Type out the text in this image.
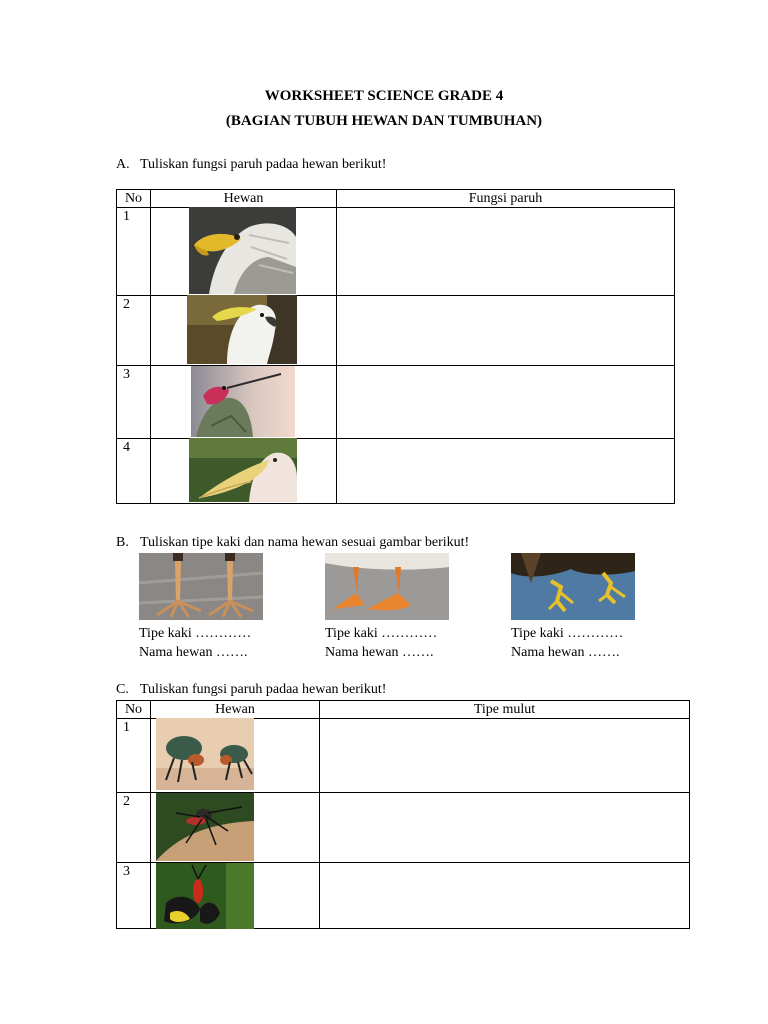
WORKSHEET SCIENCE GRADE 4
(BAGIAN TUBUH HEWAN DAN TUMBUHAN)
A. Tuliskan fungsi paruh padaa hewan berikut!
No	Hewan	Fungsi paruh
1		
2		
3		
4		
B. Tuliskan tipe kaki dan nama hewan sesuai gambar berikut!
Tipe kaki …………
Nama hewan …….
Tipe kaki …………
Nama hewan …….
Tipe kaki …………
Nama hewan …….
C. Tuliskan fungsi paruh padaa hewan berikut!
No	Hewan	Tipe mulut
1		
2		
3		
